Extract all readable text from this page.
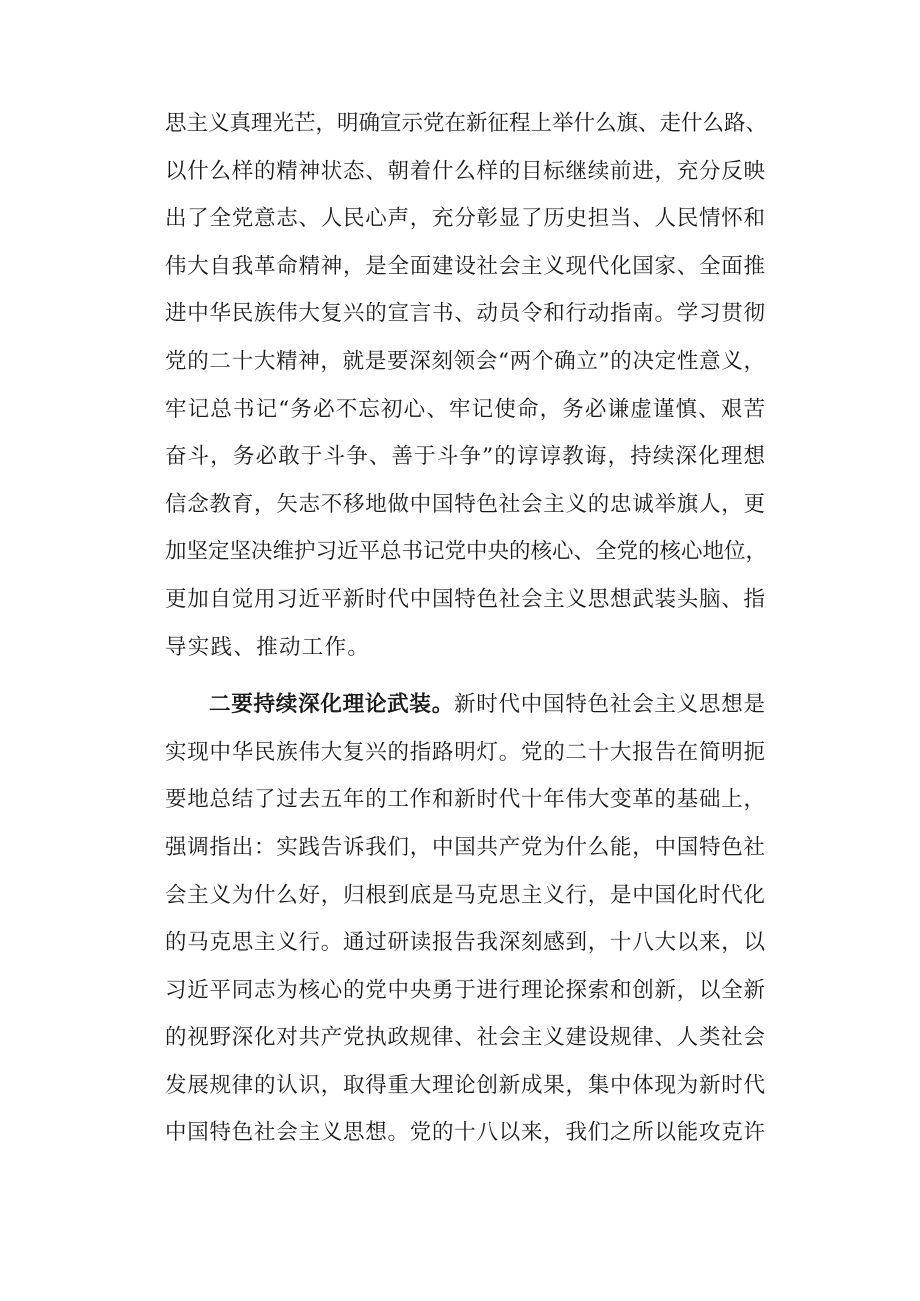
思主义真理光芒，明确宣示党在新征程上举什么旗、走什么路、
以什么样的精神状态、朝着什么样的目标继续前进，充分反映
出了全党意志、人民心声，充分彰显了历史担当、人民情怀和
伟大自我革命精神，是全面建设社会主义现代化国家、全面推
进中华民族伟大复兴的宣言书、动员令和行动指南。学习贯彻
党的二十大精神，就是要深刻领会“两个确立”的决定性意义，
牢记总书记“务必不忘初心、牢记使命，务必谦虚谨慎、艰苦
奋斗，务必敢于斗争、善于斗争”的谆谆教诲，持续深化理想
信念教育，矢志不移地做中国特色社会主义的忠诚举旗人，更
加坚定坚决维护习近平总书记党中央的核心、全党的核心地位，
更加自觉用习近平新时代中国特色社会主义思想武装头脑、指
导实践、推动工作。
二要持续深化理论武装。新时代中国特色社会主义思想是
实现中华民族伟大复兴的指路明灯。党的二十大报告在简明扼
要地总结了过去五年的工作和新时代十年伟大变革的基础上，
强调指出：实践告诉我们，中国共产党为什么能，中国特色社
会主义为什么好，归根到底是马克思主义行，是中国化时代化
的马克思主义行。通过研读报告我深刻感到，十八大以来，以
习近平同志为核心的党中央勇于进行理论探索和创新，以全新
的视野深化对共产党执政规律、社会主义建设规律、人类社会
发展规律的认识，取得重大理论创新成果，集中体现为新时代
中国特色社会主义思想。党的十八以来，我们之所以能攻克许
